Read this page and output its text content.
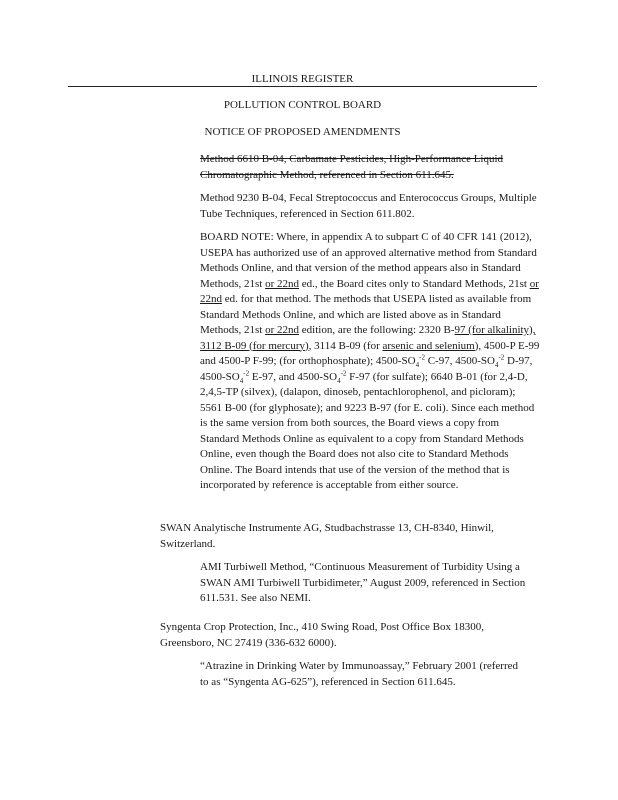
ILLINOIS REGISTER
POLLUTION CONTROL BOARD
NOTICE OF PROPOSED AMENDMENTS
Method 6610 B-04, Carbamate Pesticides, High-Performance Liquid Chromatographic Method, referenced in Section 611.645.
Method 9230 B-04, Fecal Streptococcus and Enterococcus Groups, Multiple Tube Techniques, referenced in Section 611.802.
BOARD NOTE: Where, in appendix A to subpart C of 40 CFR 141 (2012), USEPA has authorized use of an approved alternative method from Standard Methods Online, and that version of the method appears also in Standard Methods, 21st or 22nd ed., the Board cites only to Standard Methods, 21st or 22nd ed. for that method. The methods that USEPA listed as available from Standard Methods Online, and which are listed above as in Standard Methods, 21st or 22nd edition, are the following: 2320 B-97 (for alkalinity), 3112 B-09 (for mercury), 3114 B-09 (for arsenic and selenium), 4500-P E-99 and 4500-P F-99; (for orthophosphate); $4500-SO_4^{-2}$ C-97, $4500-SO_4^{-2}$ D-97, $4500-SO_4^{-2}$ E-97, and $4500-SO_4^{-2}$ F-97 (for sulfate); 6640 B-01 (for 2,4-D, 2,4,5-TP (silvex), (dalapon, dinoseb, pentachlorophenol, and picloram); 5561 B-00 (for glyphosate); and 9223 B-97 (for E. coli). Since each method is the same version from both sources, the Board views a copy from Standard Methods Online as equivalent to a copy from Standard Methods Online, even though the Board does not also cite to Standard Methods Online. The Board intends that use of the version of the method that is incorporated by reference is acceptable from either source.
SWAN Analytische Instrumente AG, Studbachstrasse 13, CH-8340, Hinwil, Switzerland.
AMI Turbiwell Method, “Continuous Measurement of Turbidity Using a SWAN AMI Turbiwell Turbidimeter,” August 2009, referenced in Section 611.531. See also NEMI.
Syngenta Crop Protection, Inc., 410 Swing Road, Post Office Box 18300, Greensboro, NC 27419 (336-632 6000).
“Atrazine in Drinking Water by Immunoassay,” February 2001 (referred to as “Syngenta AG-625”), referenced in Section 611.645.
